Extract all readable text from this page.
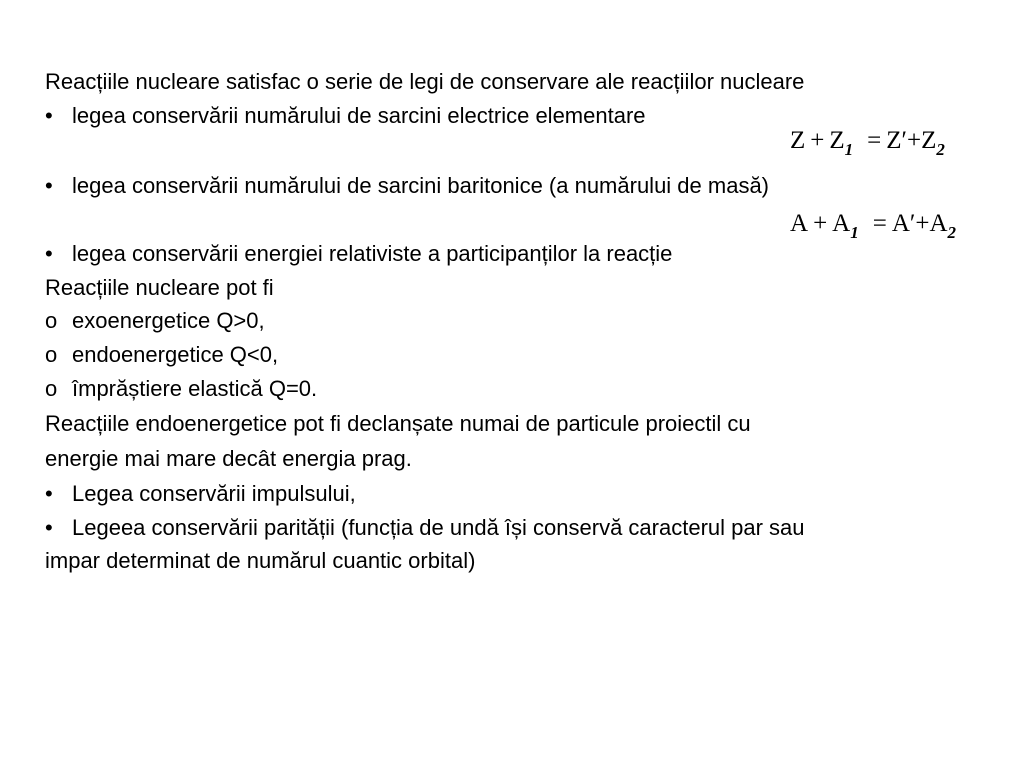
Reacțiile nucleare satisfac o serie de legi de conservare ale reacțiilor nucleare
• legea conservării numărului de sarcini electrice elementare
$Z + Z_1 = Z'+Z_2$
• legea conservării numărului de sarcini baritonice (a numărului de masă)
$A + A_1 = A'+A_2$
• legea conservării energiei relativiste a participanților la reacție
Reacțiile nucleare pot fi
o exoenergetice Q>0,
o endoenergetice Q<0,
o împrăștiere elastică Q=0.
Reacțiile endoenergetice pot fi declanșate numai de particule proiectil cu
energie mai mare decât energia prag.
• Legea conservării impulsului,
• Legeea conservării parității (funcția de undă își conservă caracterul par sau
impar determinat de numărul cuantic orbital)
